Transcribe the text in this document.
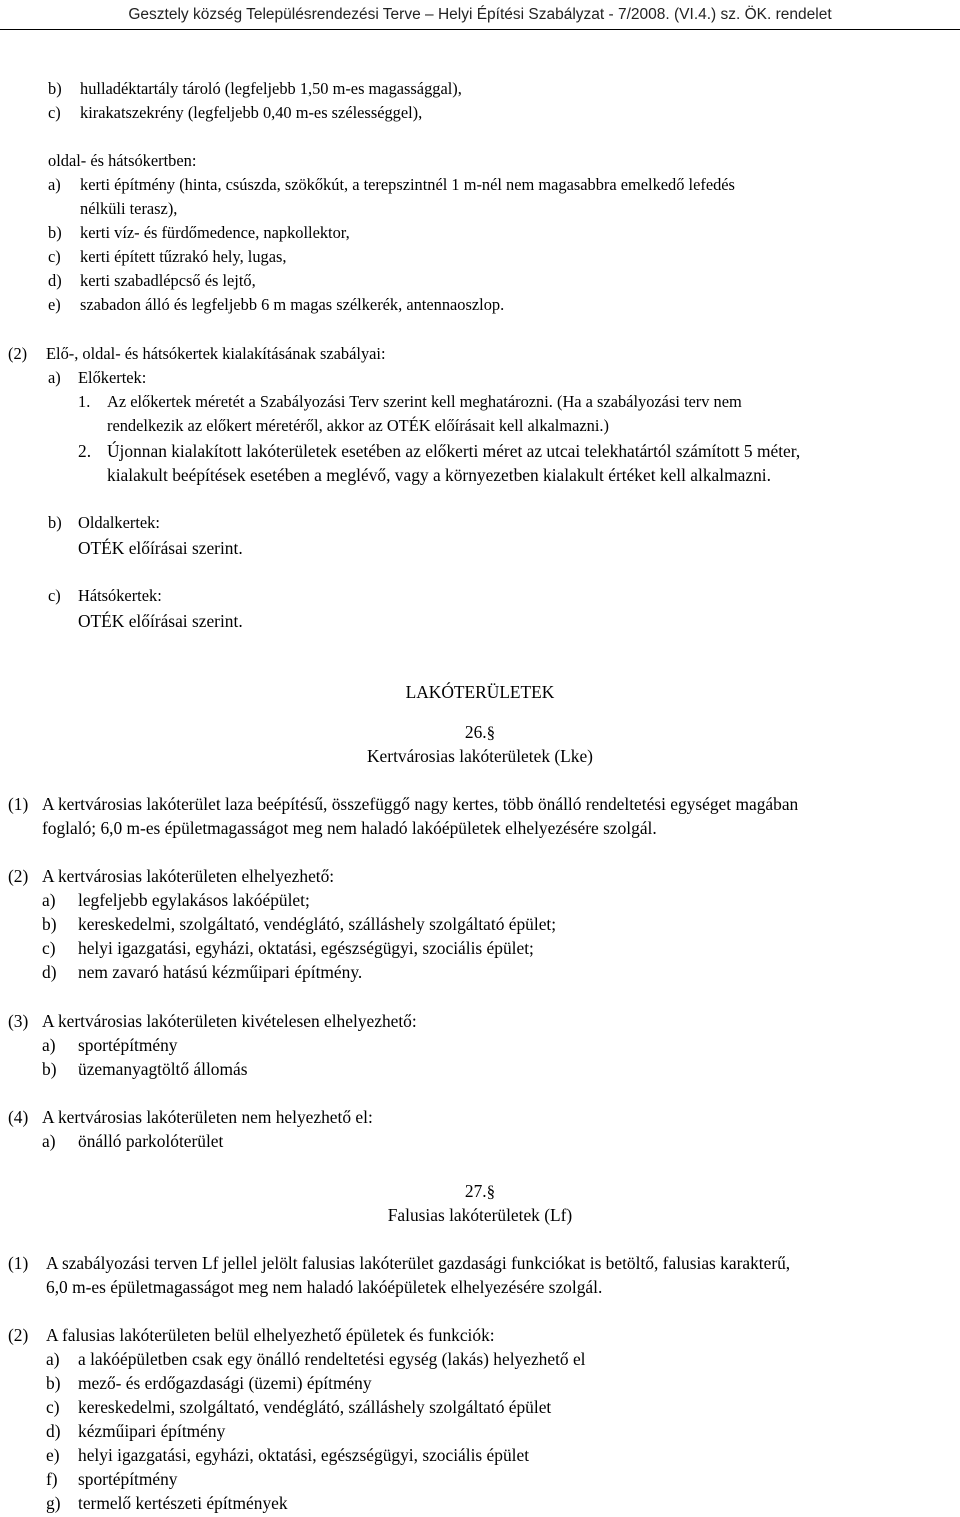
Gesztely község Településrendezési Terve – Helyi Építési Szabályzat - 7/2008. (VI.4.) sz. ÖK. rendelet
b) hulladéktartály tároló (legfeljebb 1,50 m-es magassággal),
c) kirakatszekrény (legfeljebb 0,40 m-es szélességgel),
oldal- és hátsókertben:
a) kerti építmény (hinta, csúszda, szökőkút, a terepszintnél 1 m-nél nem magasabbra emelkedő lefedés
nélküli terasz),
b) kerti víz- és fürdőmedence, napkollektor,
c) kerti épített tűzrakó hely, lugas,
d) kerti szabadlépcső és lejtő,
e) szabadon álló és legfeljebb 6 m magas szélkerék, antennaoszlop.
(2) Elő-, oldal- és hátsókertek kialakításának szabályai:
a) Előkertek:
1. Az előkertek méretét a Szabályozási Terv szerint kell meghatározni. (Ha a szabályozási terv nem
rendelkezik az előkert méretéről, akkor az OTÉK előírásait kell alkalmazni.)
2. Újonnan kialakított lakóterületek esetében az előkerti méret az utcai telekhatártól számított 5 méter,
kialakult beépítések esetében a meglévő, vagy a környezetben kialakult értéket kell alkalmazni.
b) Oldalkertek:
OTÉK előírásai szerint.
c) Hátsókertek:
OTÉK előírásai szerint.
LAKÓTERÜLETEK
26.§
Kertvárosias lakóterületek (Lke)
(1) A kertvárosias lakóterület laza beépítésű, összefüggő nagy kertes, több önálló rendeltetési egységet magában
foglaló; 6,0 m-es épületmagasságot meg nem haladó lakóépületek elhelyezésére szolgál.
(2) A kertvárosias lakóterületen elhelyezhető:
a) legfeljebb egylakásos lakóépület;
b) kereskedelmi, szolgáltató, vendéglátó, szálláshely szolgáltató épület;
c) helyi igazgatási, egyházi, oktatási, egészségügyi, szociális épület;
d) nem zavaró hatású kézműipari építmény.
(3) A kertvárosias lakóterületen kivételesen elhelyezhető:
a) sportépítmény
b) üzemanyagtöltő állomás
(4) A kertvárosias lakóterületen nem helyezhető el:
a) önálló parkolóterület
27.§
Falusias lakóterületek (Lf)
(1) A szabályozási terven Lf jellel jelölt falusias lakóterület gazdasági funkciókat is betöltő, falusias karakterű,
6,0 m-es épületmagasságot meg nem haladó lakóépületek elhelyezésére szolgál.
(2) A falusias lakóterületen belül elhelyezhető épületek és funkciók:
a) a lakóépületben csak egy önálló rendeltetési egység (lakás) helyezhető el
b) mező- és erdőgazdasági (üzemi) építmény
c) kereskedelmi, szolgáltató, vendéglátó, szálláshely szolgáltató épület
d) kézműipari építmény
e) helyi igazgatási, egyházi, oktatási, egészségügyi, szociális épület
f) sportépítmény
g) termelő kertészeti építmények
